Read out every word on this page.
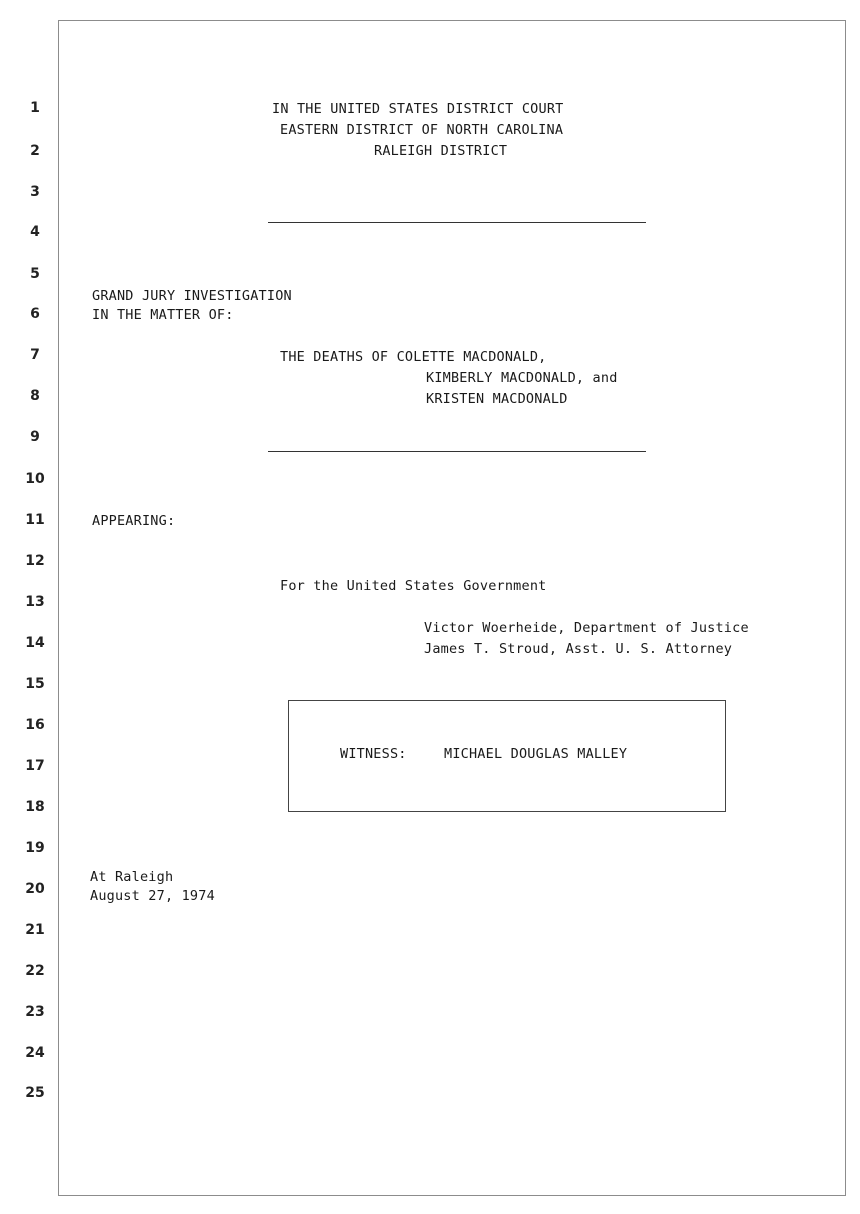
1
2
3
4
5
6
7
8
9
10
11
12
13
14
15
16
17
18
19
20
21
22
23
24
25
IN THE UNITED STATES DISTRICT COURT
EASTERN DISTRICT OF NORTH CAROLINA
RALEIGH DISTRICT
GRAND JURY INVESTIGATION
IN THE MATTER OF:
THE DEATHS OF COLETTE MACDONALD,
KIMBERLY MACDONALD, and
KRISTEN MACDONALD
APPEARING:
For the United States Government
Victor Woerheide, Department of Justice
James T. Stroud, Asst. U. S. Attorney
WITNESS:	MICHAEL DOUGLAS MALLEY
At Raleigh
August 27, 1974
